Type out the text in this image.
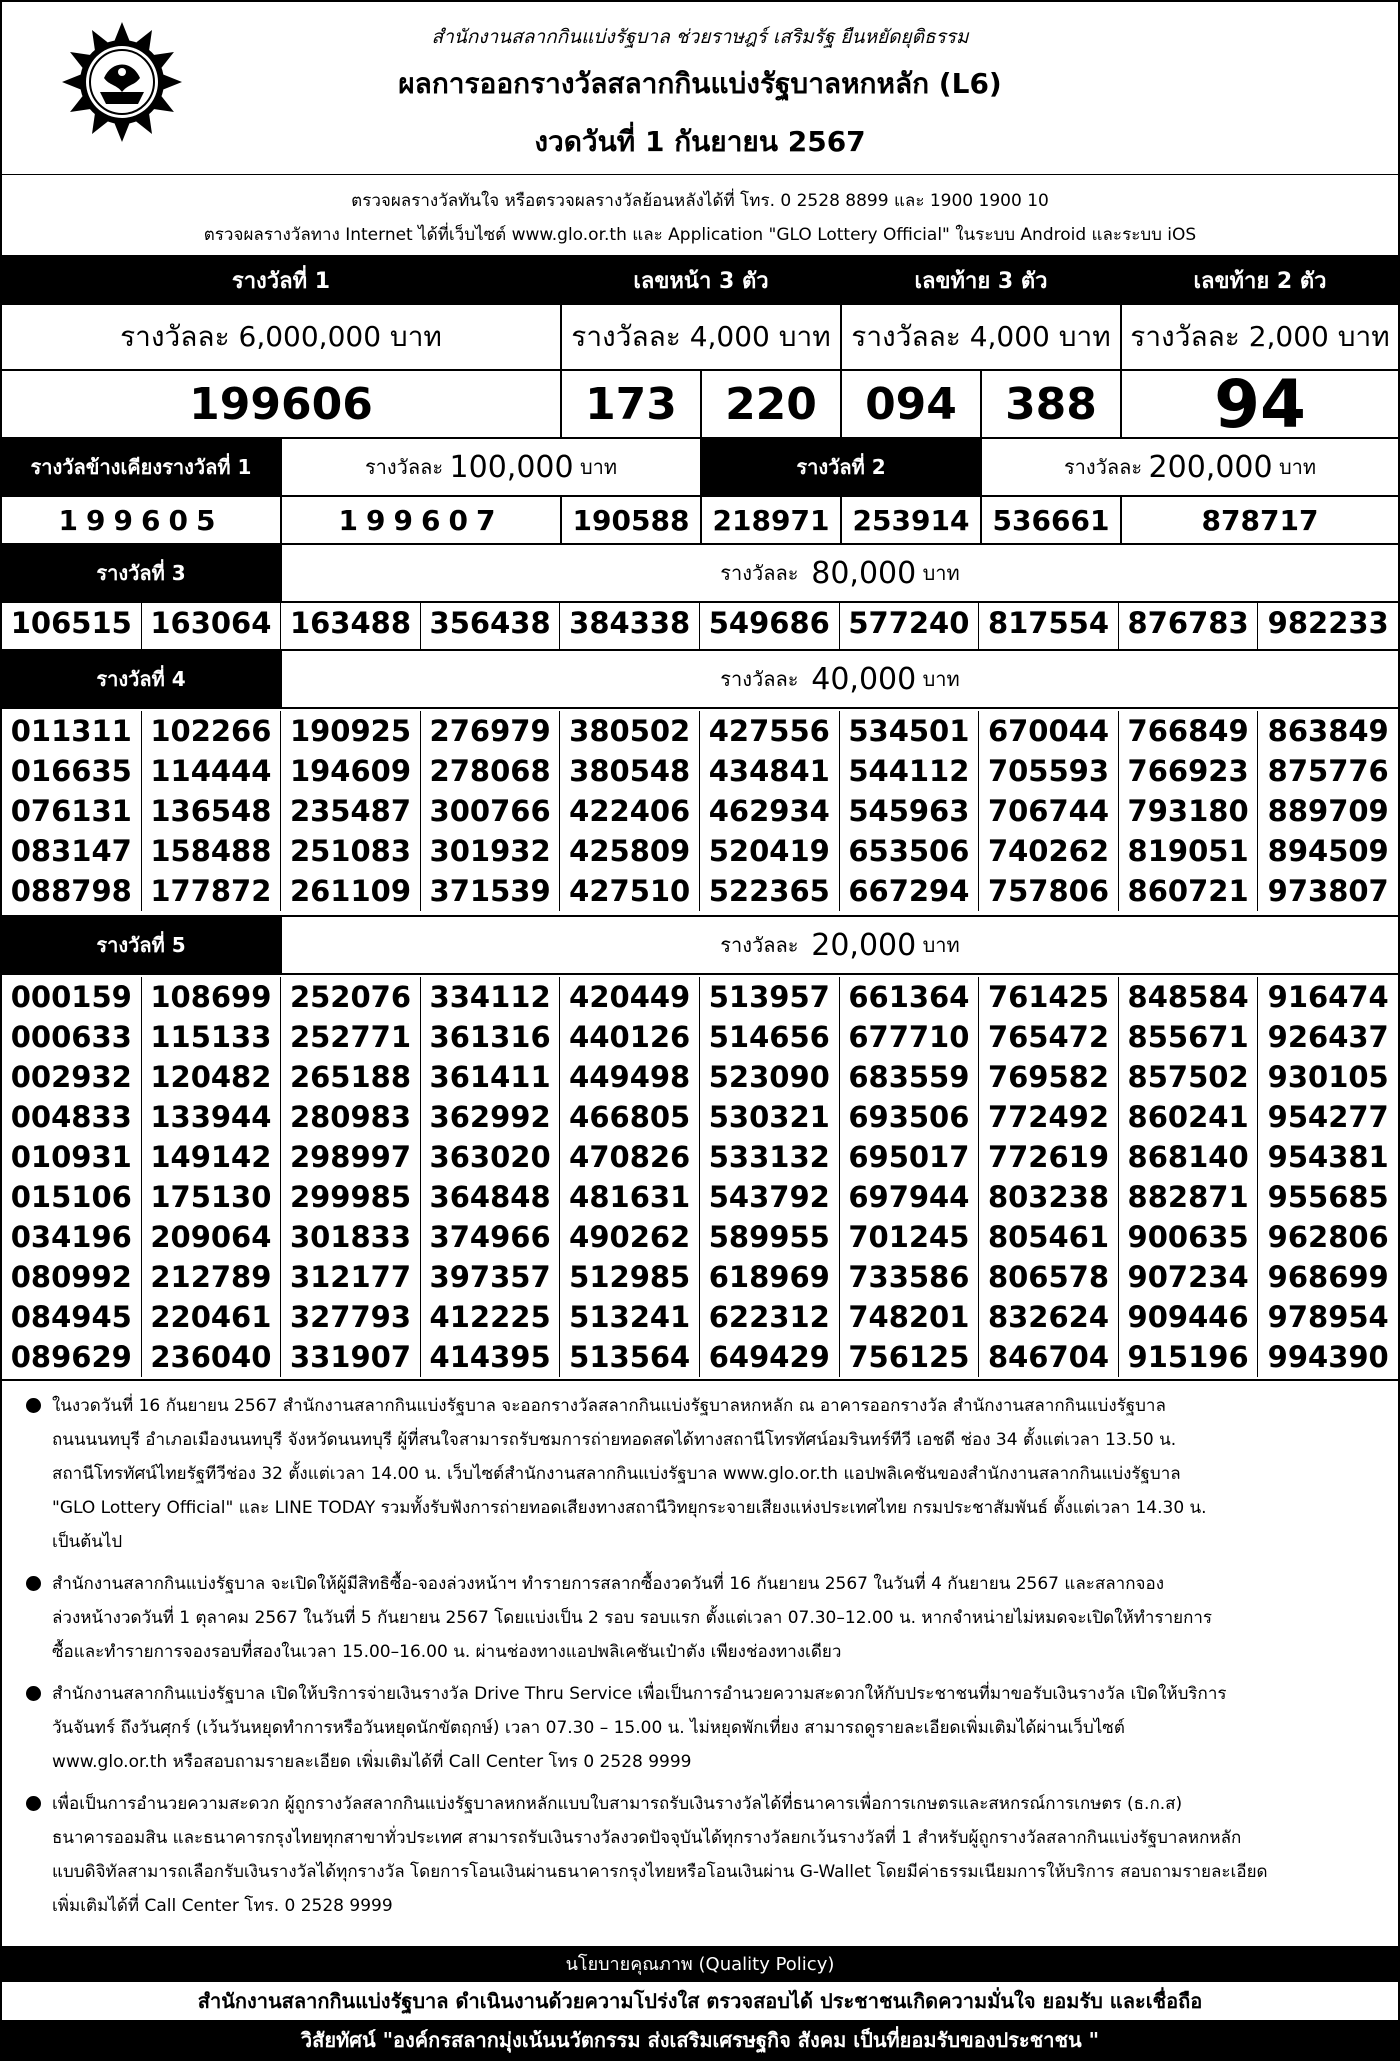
สำนักงานสลากกินแบ่งรัฐบาล ช่วยราษฎร์ เสริมรัฐ ยืนหยัดยุติธรรม
ผลการออกรางวัลสลากกินแบ่งรัฐบาลหกหลัก (L6)
งวดวันที่ 1 กันยายน 2567
ตรวจผลรางวัลทันใจ หรือตรวจผลรางวัลย้อนหลังได้ที่ โทร. 0 2528 8899 และ 1900 1900 10
ตรวจผลรางวัลทาง Internet ได้ที่เว็บไซต์ www.glo.or.th และ Application "GLO Lottery Official" ในระบบ Android และระบบ iOS
รางวัลที่ 1	เลขหน้า 3 ตัว	เลขท้าย 3 ตัว	เลขท้าย 2 ตัว
รางวัลละ 6,000,000 บาท	รางวัลละ 4,000 บาท รางวัลละ 4,000 บาท รางวัลละ 2,000 บาท
199606	173	220	094	388	94
รางวัลข้างเคียงรางวัลที่ 1	รางวัลละ
100,000
บาท	รางวัลที่ 2	รางวัลละ
200,000
บาท
199605	199607	190588 218971 253914 536661	878717
รางวัลที่ 3	รางวัลละ
80,000
บาท
106515 163064 163488 356438 384338 549686 577240 817554 876783 982233
รางวัลที่ 4	รางวัลละ
40,000
บาท
011311 102266 190925 276979 380502 427556 534501 670044 766849 863849
016635 114444 194609 278068 380548 434841 544112 705593 766923 875776
076131 136548 235487 300766 422406 462934 545963 706744 793180 889709
083147 158488 251083 301932 425809 520419 653506 740262 819051 894509
088798 177872 261109 371539 427510 522365 667294 757806 860721 973807
รางวัลที่ 5	รางวัลละ
20,000
บาท
000159 108699 252076 334112 420449 513957 661364 761425 848584 916474
000633 115133 252771 361316 440126 514656 677710 765472 855671 926437
002932 120482 265188 361411 449498 523090 683559 769582 857502 930105
004833 133944 280983 362992 466805 530321 693506 772492 860241 954277
010931 149142 298997 363020 470826 533132 695017 772619 868140 954381
015106 175130 299985 364848 481631 543792 697944 803238 882871 955685
034196 209064 301833 374966 490262 589955 701245 805461 900635 962806
080992 212789 312177 397357 512985 618969 733586 806578 907234 968699
084945 220461 327793 412225 513241 622312 748201 832624 909446 978954
089629 236040 331907 414395 513564 649429 756125 846704 915196 994390
ในงวดวันที่ 16 กันยายน 2567 สำนักงานสลากกินแบ่งรัฐบาล จะออกรางวัลสลากกินแบ่งรัฐบาลหกหลัก ณ อาคารออกรางวัล สำนักงานสลากกินแบ่งรัฐบาล
ถนนนนทบุรี อำเภอเมืองนนทบุรี จังหวัดนนทบุรี ผู้ที่สนใจสามารถรับชมการถ่ายทอดสดได้ทางสถานีโทรทัศน์อมรินทร์ทีวี เอชดี ช่อง 34 ตั้งแต่เวลา 13.50 น.
สถานีโทรทัศน์ไทยรัฐทีวีช่อง 32 ตั้งแต่เวลา 14.00 น. เว็บไซต์สำนักงานสลากกินแบ่งรัฐบาล www.glo.or.th แอปพลิเคชันของสำนักงานสลากกินแบ่งรัฐบาล
"GLO Lottery Official" และ LINE TODAY รวมทั้งรับฟังการถ่ายทอดเสียงทางสถานีวิทยุกระจายเสียงแห่งประเทศไทย กรมประชาสัมพันธ์ ตั้งแต่เวลา 14.30 น.
เป็นต้นไป
สำนักงานสลากกินแบ่งรัฐบาล จะเปิดให้ผู้มีสิทธิซื้อ-จองล่วงหน้าฯ ทำรายการสลากซื้องวดวันที่ 16 กันยายน 2567 ในวันที่ 4 กันยายน 2567 และสลากจอง
ล่วงหน้างวดวันที่ 1 ตุลาคม 2567 ในวันที่ 5 กันยายน 2567 โดยแบ่งเป็น 2 รอบ รอบแรก ตั้งแต่เวลา 07.30–12.00 น. หากจำหน่ายไม่หมดจะเปิดให้ทำรายการ
ซื้อและทำรายการจองรอบที่สองในเวลา 15.00–16.00 น. ผ่านช่องทางแอปพลิเคชันเป๋าตัง เพียงช่องทางเดียว
สำนักงานสลากกินแบ่งรัฐบาล เปิดให้บริการจ่ายเงินรางวัล Drive Thru Service เพื่อเป็นการอำนวยความสะดวกให้กับประชาชนที่มาขอรับเงินรางวัล เปิดให้บริการ
วันจันทร์ ถึงวันศุกร์ (เว้นวันหยุดทำการหรือวันหยุดนักขัตฤกษ์) เวลา 07.30 – 15.00 น. ไม่หยุดพักเที่ยง สามารถดูรายละเอียดเพิ่มเติมได้ผ่านเว็บไซต์
www.glo.or.th หรือสอบถามรายละเอียด เพิ่มเติมได้ที่ Call Center โทร 0 2528 9999
เพื่อเป็นการอำนวยความสะดวก ผู้ถูกรางวัลสลากกินแบ่งรัฐบาลหกหลักแบบใบสามารถรับเงินรางวัลได้ที่ธนาคารเพื่อการเกษตรและสหกรณ์การเกษตร (ธ.ก.ส)
ธนาคารออมสิน และธนาคารกรุงไทยทุกสาขาทั่วประเทศ สามารถรับเงินรางวัลงวดปัจจุบันได้ทุกรางวัลยกเว้นรางวัลที่ 1 สำหรับผู้ถูกรางวัลสลากกินแบ่งรัฐบาลหกหลัก
แบบดิจิทัลสามารถเลือกรับเงินรางวัลได้ทุกรางวัล โดยการโอนเงินผ่านธนาคารกรุงไทยหรือโอนเงินผ่าน G-Wallet โดยมีค่าธรรมเนียมการให้บริการ สอบถามรายละเอียด
เพิ่มเติมได้ที่ Call Center โทร. 0 2528 9999
นโยบายคุณภาพ (Quality Policy)
สำนักงานสลากกินแบ่งรัฐบาล ดำเนินงานด้วยความโปร่งใส ตรวจสอบได้ ประชาชนเกิดความมั่นใจ ยอมรับ และเชื่อถือ
วิสัยทัศน์ "องค์กรสลากมุ่งเน้นนวัตกรรม ส่งเสริมเศรษฐกิจ สังคม เป็นที่ยอมรับของประชาชน "
